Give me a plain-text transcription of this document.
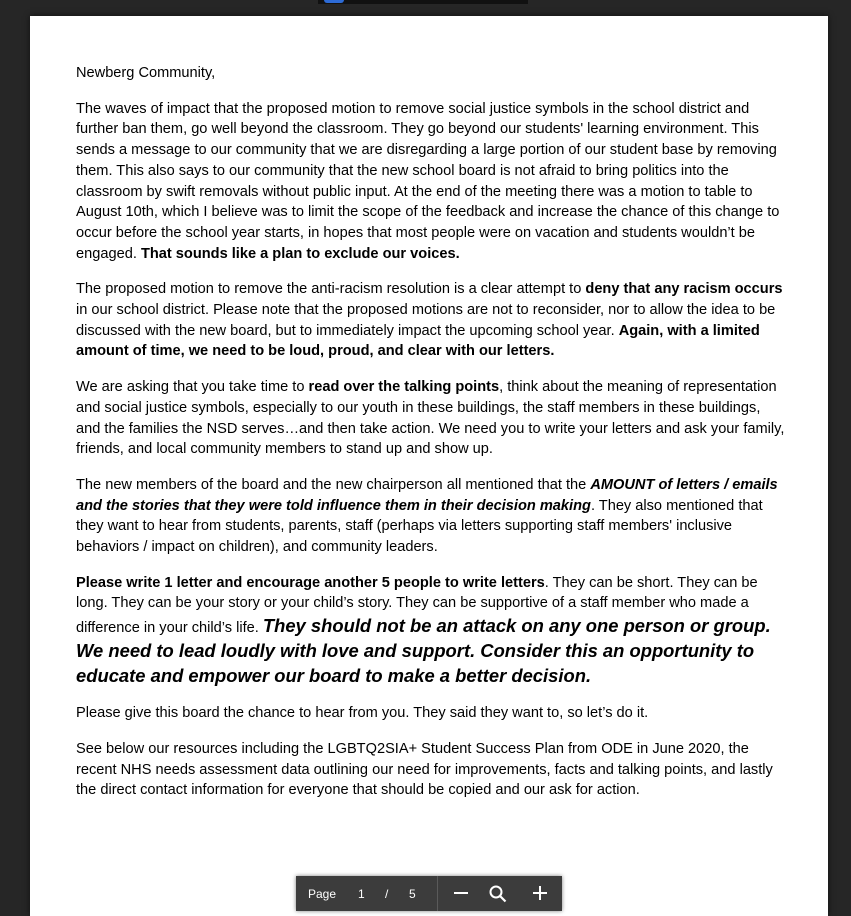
Newberg Community,

The waves of impact that the proposed motion to remove social justice symbols in the school district and further ban them, go well beyond the classroom. They go beyond our students' learning environment. This sends a message to our community that we are disregarding a large portion of our student base by removing them. This also says to our community that the new school board is not afraid to bring politics into the classroom by swift removals without public input. At the end of the meeting there was a motion to table to August 10th, which I believe was to limit the scope of the feedback and increase the chance of this change to occur before the school year starts, in hopes that most people were on vacation and students wouldn’t be engaged. That sounds like a plan to exclude our voices.

The proposed motion to remove the anti-racism resolution is a clear attempt to deny that any racism occurs in our school district. Please note that the proposed motions are not to reconsider, nor to allow the idea to be discussed with the new board, but to immediately impact the upcoming school year. Again, with a limited amount of time, we need to be loud, proud, and clear with our letters.

We are asking that you take time to read over the talking points, think about the meaning of representation and social justice symbols, especially to our youth in these buildings, the staff members in these buildings, and the families the NSD serves…and then take action. We need you to write your letters and ask your family, friends, and local community members to stand up and show up.

The new members of the board and the new chairperson all mentioned that the AMOUNT of letters / emails and the stories that they were told influence them in their decision making. They also mentioned that they want to hear from students, parents, staff (perhaps via letters supporting staff members' inclusive behaviors / impact on children), and community leaders.

Please write 1 letter and encourage another 5 people to write letters. They can be short. They can be long. They can be your story or your child’s story. They can be supportive of a staff member who made a difference in your child’s life. They should not be an attack on any one person or group. We need to lead loudly with love and support. Consider this an opportunity to educate and empower our board to make a better decision.

Please give this board the chance to hear from you. They said they want to, so let’s do it.

See below our resources including the LGBTQ2SIA+ Student Success Plan from ODE in June 2020, the recent NHS needs assessment data outlining our need for improvements, facts and talking points, and lastly the direct contact information for everyone that should be copied and our ask for action.

Page 1 / 5
